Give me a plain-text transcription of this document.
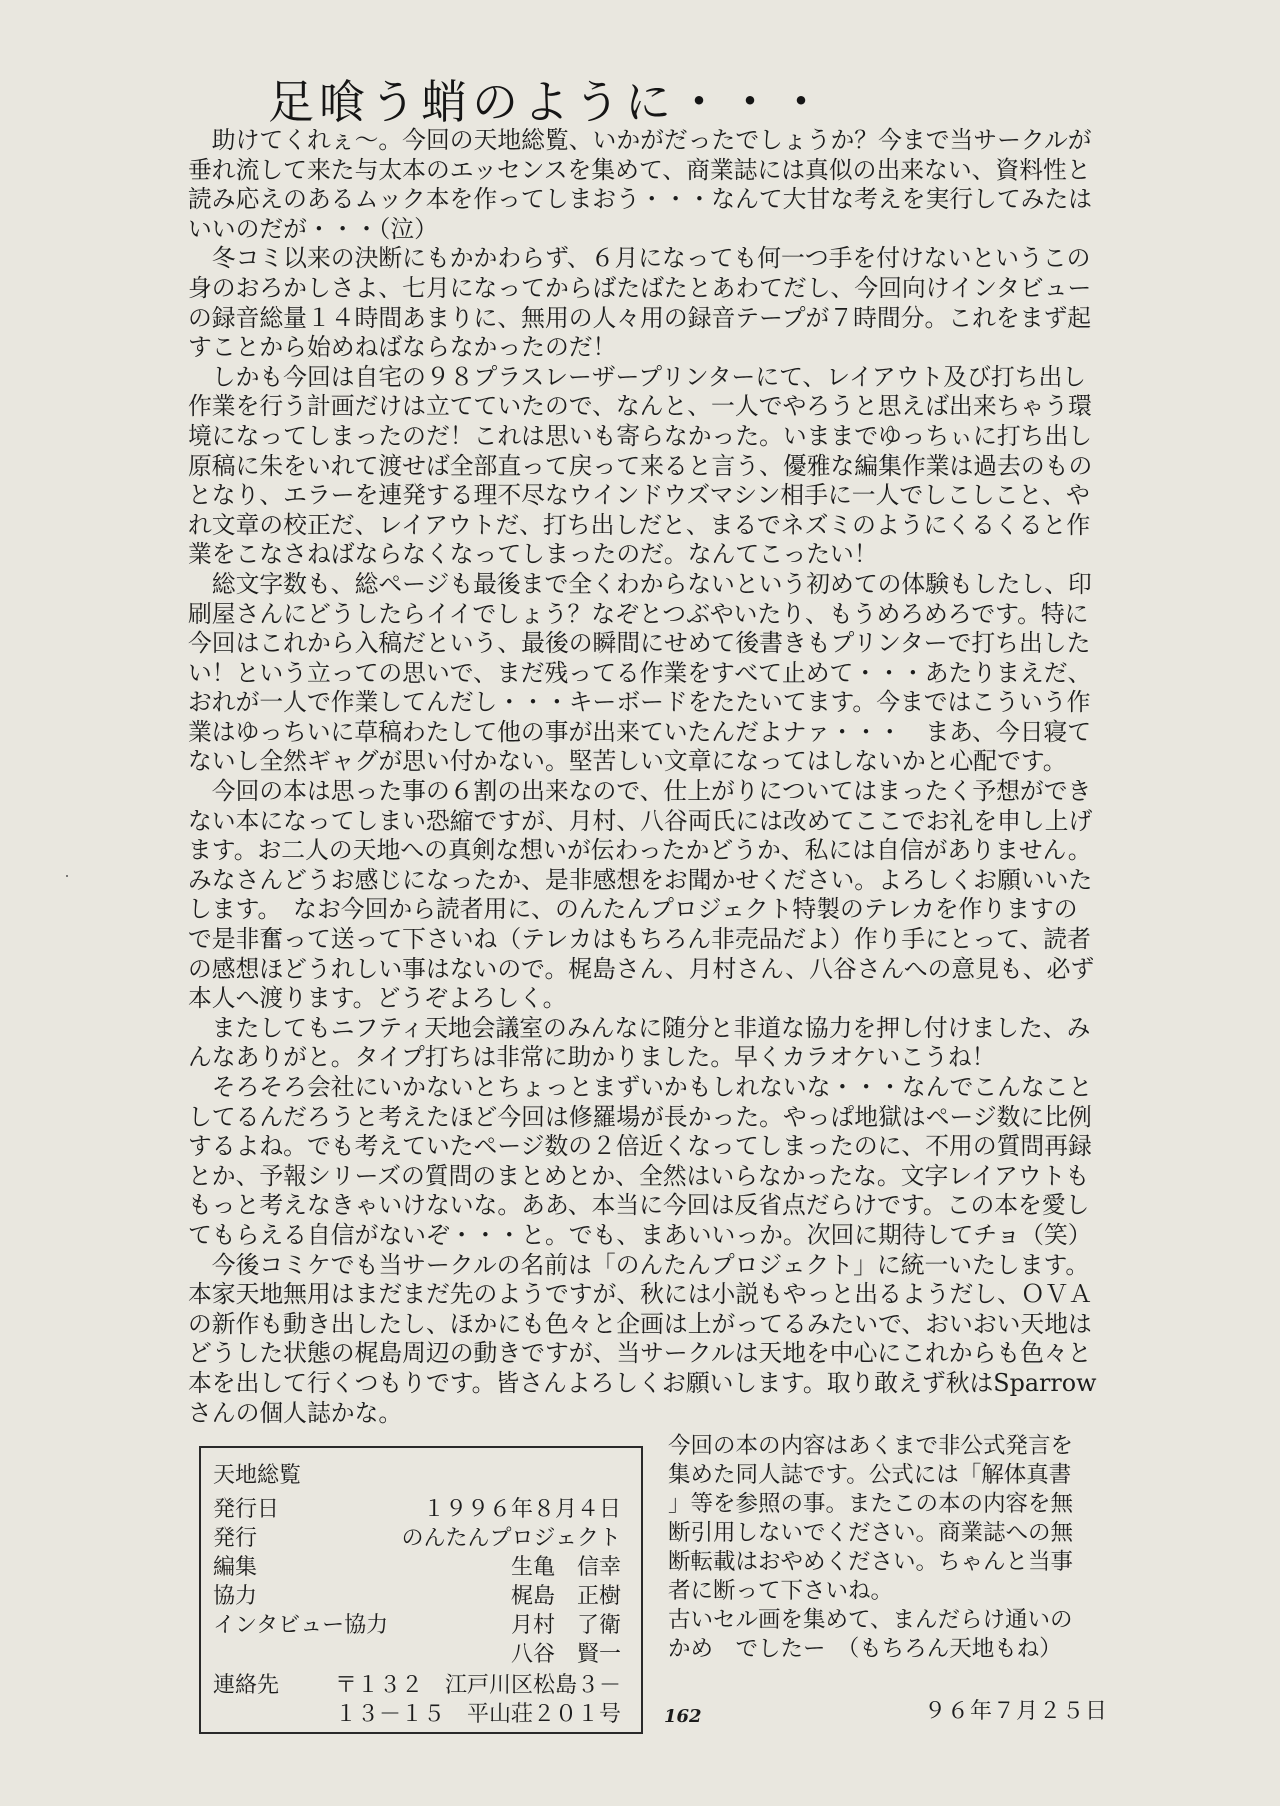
足喰う蛸のように・・・
　助けてくれぇ～。今回の天地総覧、いかがだったでしょうか？今まで当サークルが
垂れ流して来た与太本のエッセンスを集めて、商業誌には真似の出来ない、資料性と
読み応えのあるムック本を作ってしまおう・・・なんて大甘な考えを実行してみたは
いいのだが・・・（泣）
　冬コミ以来の決断にもかかわらず、６月になっても何一つ手を付けないというこの
身のおろかしさよ、七月になってからばたばたとあわてだし、今回向けインタビュー
の録音総量１４時間あまりに、無用の人々用の録音テープが７時間分。これをまず起
すことから始めねばならなかったのだ！
　しかも今回は自宅の９８プラスレーザープリンターにて、レイアウト及び打ち出し
作業を行う計画だけは立てていたので、なんと、一人でやろうと思えば出来ちゃう環
境になってしまったのだ！これは思いも寄らなかった。いままでゆっちぃに打ち出し
原稿に朱をいれて渡せば全部直って戻って来ると言う、優雅な編集作業は過去のもの
となり、エラーを連発する理不尽なウインドウズマシン相手に一人でしこしこと、や
れ文章の校正だ、レイアウトだ、打ち出しだと、まるでネズミのようにくるくると作
業をこなさねばならなくなってしまったのだ。なんてこったい！
　総文字数も、総ページも最後まで全くわからないという初めての体験もしたし、印
刷屋さんにどうしたらイイでしょう？なぞとつぶやいたり、もうめろめろです。特に
今回はこれから入稿だという、最後の瞬間にせめて後書きもプリンターで打ち出した
い！という立っての思いで、まだ残ってる作業をすべて止めて・・・あたりまえだ、
おれが一人で作業してんだし・・・キーボードをたたいてます。今まではこういう作
業はゆっちいに草稿わたして他の事が出来ていたんだよナァ・・・　まあ、今日寝て
ないし全然ギャグが思い付かない。堅苦しい文章になってはしないかと心配です。
　今回の本は思った事の６割の出来なので、仕上がりについてはまったく予想ができ
ない本になってしまい恐縮ですが、月村、八谷両氏には改めてここでお礼を申し上げ
ます。お二人の天地への真剣な想いが伝わったかどうか、私には自信がありません。
みなさんどうお感じになったか、是非感想をお聞かせください。よろしくお願いいた
します。　なお今回から読者用に、のんたんプロジェクト特製のテレカを作りますの
で是非奮って送って下さいね（テレカはもちろん非売品だよ）作り手にとって、読者
の感想ほどうれしい事はないので。梶島さん、月村さん、八谷さんへの意見も、必ず
本人へ渡ります。どうぞよろしく。
　またしてもニフティ天地会議室のみんなに随分と非道な協力を押し付けました、み
んなありがと。タイプ打ちは非常に助かりました。早くカラオケいこうね！
　そろそろ会社にいかないとちょっとまずいかもしれないな・・・なんでこんなこと
してるんだろうと考えたほど今回は修羅場が長かった。やっぱ地獄はページ数に比例
するよね。でも考えていたページ数の２倍近くなってしまったのに、不用の質問再録
とか、予報シリーズの質問のまとめとか、全然はいらなかったな。文字レイアウトも
もっと考えなきゃいけないな。ああ、本当に今回は反省点だらけです。この本を愛し
てもらえる自信がないぞ・・・と。でも、まあいいっか。次回に期待してチョ（笑）
　今後コミケでも当サークルの名前は「のんたんプロジェクト」に統一いたします。
本家天地無用はまだまだ先のようですが、秋には小説もやっと出るようだし、ＯＶＡ
の新作も動き出したし、ほかにも色々と企画は上がってるみたいで、おいおい天地は
どうした状態の梶島周辺の動きですが、当サークルは天地を中心にこれからも色々と
本を出して行くつもりです。皆さんよろしくお願いします。取り敢えず秋はSparrow
さんの個人誌かな。
天地総覧
発行日	１９９６年８月４日
発行	のんたんプロジェクト
編集	生亀　信幸
協力	梶島　正樹
インタビュー協力	月村　了衛
八谷　賢一
連絡先	〒１３２　江戸川区松島３－
１３－１５　平山荘２０１号
今回の本の内容はあくまで非公式発言を
集めた同人誌です。公式には「解体真書
」等を参照の事。またこの本の内容を無
断引用しないでください。商業誌への無
断転載はおやめください。ちゃんと当事
者に断って下さいね。
古いセル画を集めて、まんだらけ通いの
かめ　でしたー　（もちろん天地もね）
162	９６年７月２５日
